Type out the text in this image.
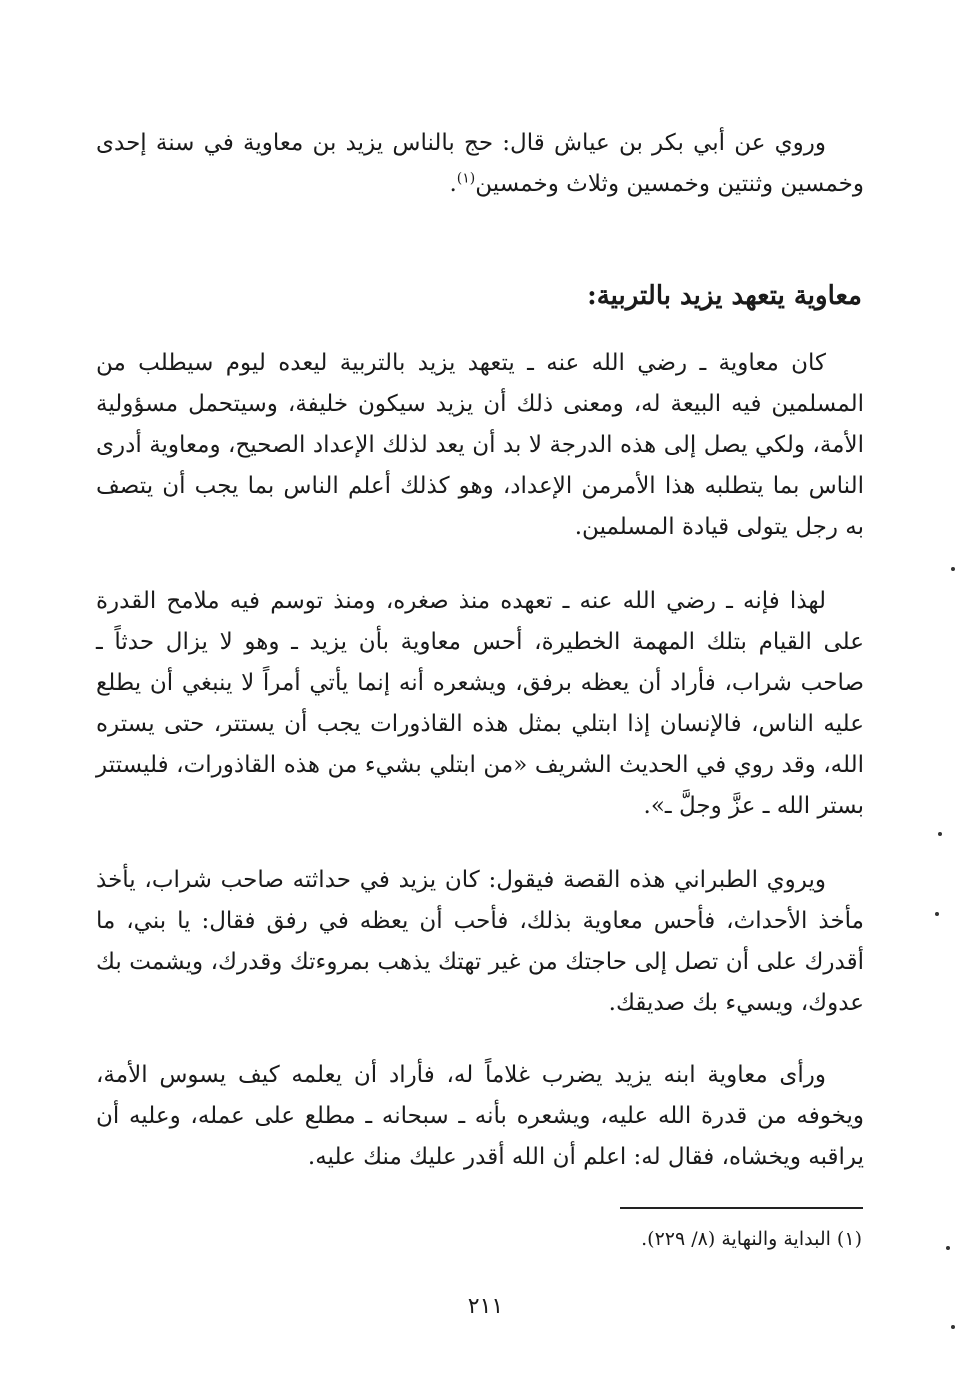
وروي عن أبي بكر بن عياش قال: حج بالناس يزيد بن معاوية في سنة إحدى وخمسين وثنتين وخمسين وثلاث وخمسين$^{(١)}$.
معاوية يتعهد يزيد بالتربية:
كان معاوية ـ رضي الله عنه ـ يتعهد يزيد بالتربية ليعده ليوم سيطلب من المسلمين فيه البيعة له، ومعنى ذلك أن يزيد سيكون خليفة، وسيتحمل مسؤولية الأمة، ولكي يصل إلى هذه الدرجة لا بد أن يعد لذلك الإعداد الصحيح، ومعاوية أدرى الناس بما يتطلبه هذا الأمرمن الإعداد، وهو كذلك أعلم الناس بما يجب أن يتصف به رجل يتولى قيادة المسلمين.
لهذا فإنه ـ رضي الله عنه ـ تعهده منذ صغره، ومنذ توسم فيه ملامح القدرة على القيام بتلك المهمة الخطيرة، أحس معاوية بأن يزيد ـ وهو لا يزال حدثاً ـ صاحب شراب، فأراد أن يعظه برفق، ويشعره أنه إنما يأتي أمراً لا ينبغي أن يطلع عليه الناس، فالإنسان إذا ابتلي بمثل هذه القاذورات يجب أن يستتر، حتى يستره الله، وقد روي في الحديث الشريف «من ابتلي بشيء من هذه القاذورات، فليستتر بستر الله ـ عزَّ وجلَّ ـ».
ويروي الطبراني هذه القصة فيقول: كان يزيد في حداثته صاحب شراب، يأخذ مأخذ الأحداث، فأحس معاوية بذلك، فأحب أن يعظه في رفق فقال: يا بني، ما أقدرك على أن تصل إلى حاجتك من غير تهتك يذهب بمروءتك وقدرك، ويشمت بك عدوك، ويسيء بك صديقك.
ورأى معاوية ابنه يزيد يضرب غلاماً له، فأراد أن يعلمه كيف يسوس الأمة، ويخوفه من قدرة الله عليه، ويشعره بأنه ـ سبحانه ـ مطلع على عمله، وعليه أن يراقبه ويخشاه، فقال له: اعلم أن الله أقدر عليك منك عليه.
(١) البداية والنهاية (٨/ ٢٢٩).
٢١١
